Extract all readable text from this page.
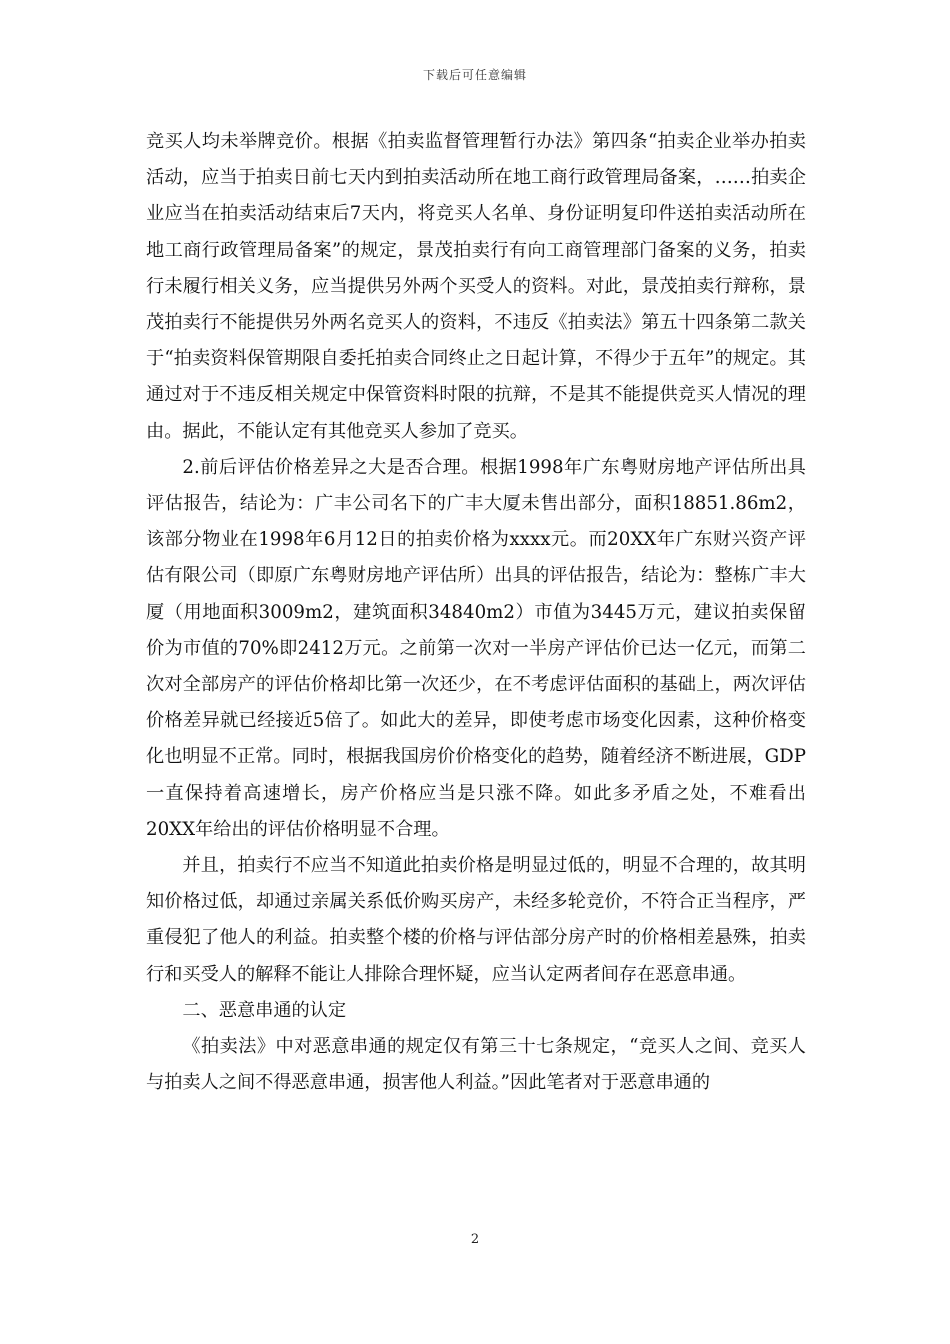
下载后可任意编辑

竞买人均未举牌竞价。根据《拍卖监督管理暂行办法》第四条“拍卖企业举办拍卖活动，应当于拍卖日前七天内到拍卖活动所在地工商行政管理局备案，……拍卖企业应当在拍卖活动结束后7天内，将竞买人名单、身份证明复印件送拍卖活动所在地工商行政管理局备案”的规定，景茂拍卖行有向工商管理部门备案的义务，拍卖行未履行相关义务，应当提供另外两个买受人的资料。对此，景茂拍卖行辩称，景茂拍卖行不能提供另外两名竞买人的资料，不违反《拍卖法》第五十四条第二款关于“拍卖资料保管期限自委托拍卖合同终止之日起计算，不得少于五年”的规定。其通过对于不违反相关规定中保管资料时限的抗辩，不是其不能提供竞买人情况的理由。据此，不能认定有其他竞买人参加了竞买。

2.前后评估价格差异之大是否合理。根据1998年广东粤财房地产评估所出具评估报告，结论为：广丰公司名下的广丰大厦未售出部分，面积18851.86m2，该部分物业在1998年6月12日的拍卖价格为xxxx元。而20XX年广东财兴资产评估有限公司（即原广东粤财房地产评估所）出具的评估报告，结论为：整栋广丰大厦（用地面积3009m2，建筑面积34840m2）市值为3445万元，建议拍卖保留价为市值的70%即2412万元。之前第一次对一半房产评估价已达一亿元，而第二次对全部房产的评估价格却比第一次还少，在不考虑评估面积的基础上，两次评估价格差异就已经接近5倍了。如此大的差异，即使考虑市场变化因素，这种价格变化也明显不正常。同时，根据我国房价价格变化的趋势，随着经济不断进展，GDP一直保持着高速增长，房产价格应当是只涨不降。如此多矛盾之处，不难看出20XX年给出的评估价格明显不合理。

并且，拍卖行不应当不知道此拍卖价格是明显过低的，明显不合理的，故其明知价格过低，却通过亲属关系低价购买房产，未经多轮竞价，不符合正当程序，严重侵犯了他人的利益。拍卖整个楼的价格与评估部分房产时的价格相差悬殊，拍卖行和买受人的解释不能让人排除合理怀疑，应当认定两者间存在恶意串通。

二、恶意串通的认定

《拍卖法》中对恶意串通的规定仅有第三十七条规定，“竞买人之间、竞买人与拍卖人之间不得恶意串通，损害他人利益。”因此笔者对于恶意串通的

2
